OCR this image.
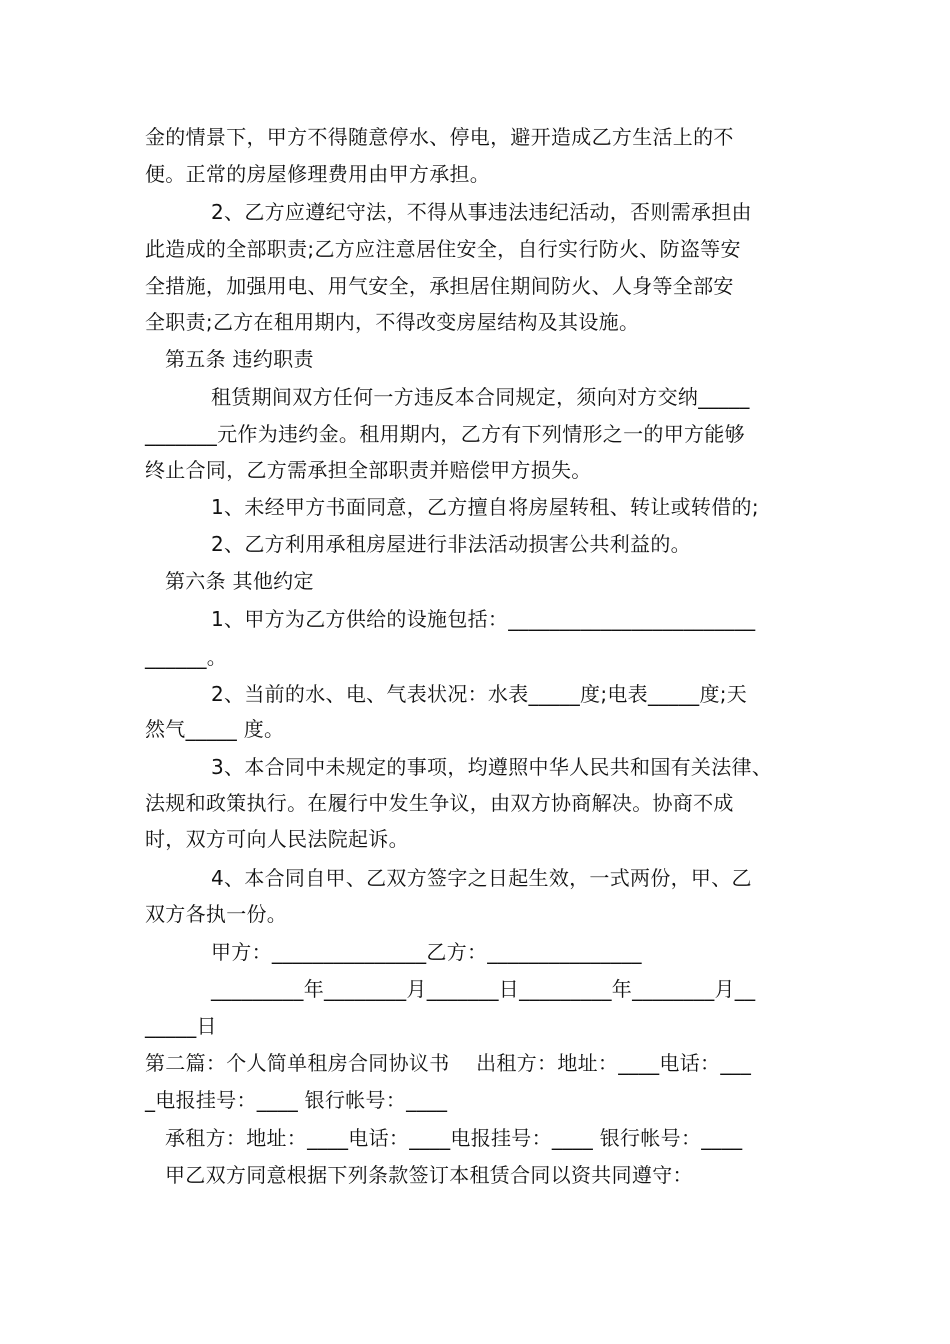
金的情景下，甲方不得随意停水、停电，避开造成乙方生活上的不
便。正常的房屋修理费用由甲方承担。
2、乙方应遵纪守法，不得从事违法违纪活动，否则需承担由
此造成的全部职责;乙方应注意居住安全，自行实行防火、防盗等安
全措施，加强用电、用气安全，承担居住期间防火、人身等全部安
全职责;乙方在租用期内，不得改变房屋结构及其设施。
第五条 违约职责
租赁期间双方任何一方违反本合同规定，须向对方交纳_____
_______元作为违约金。租用期内，乙方有下列情形之一的甲方能够
终止合同，乙方需承担全部职责并赔偿甲方损失。
1、未经甲方书面同意，乙方擅自将房屋转租、转让或转借的;
2、乙方利用承租房屋进行非法活动损害公共利益的。
第六条 其他约定
1、甲方为乙方供给的设施包括：________________________
______。
2、当前的水、电、气表状况：水表_____度;电表_____度;天
然气_____ 度。
3、本合同中未规定的事项，均遵照中华人民共和国有关法律、
法规和政策执行。在履行中发生争议，由双方协商解决。协商不成
时，双方可向人民法院起诉。
4、本合同自甲、乙双方签字之日起生效，一式两份，甲、乙
双方各执一份。
甲方：_______________乙方：_______________
_________年________月_______日_________年________月__
_____日
第二篇：个人简单租房合同协议书    出租方：地址：____电话：___
_电报挂号：____ 银行帐号：____
承租方：地址：____电话：____电报挂号：____ 银行帐号：____
甲乙双方同意根据下列条款签订本租赁合同以资共同遵守：
